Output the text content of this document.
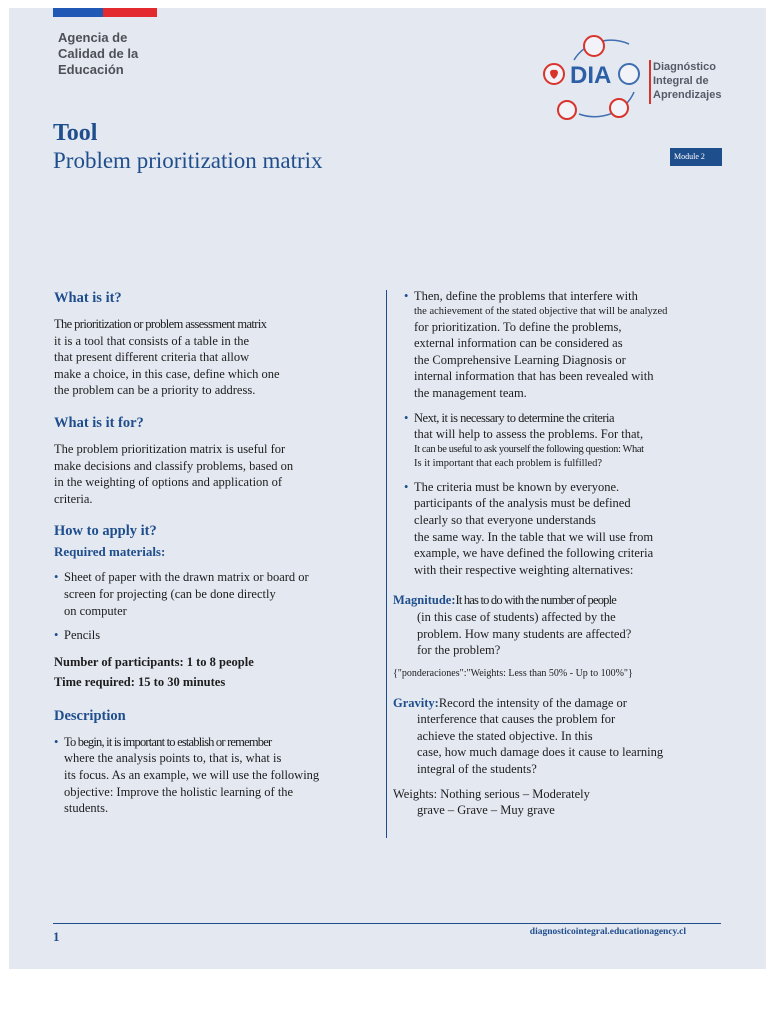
Agencia de
Calidad de la
Educación	DIA	Diagnóstico
Integral de
Aprendizajes
Tool
Problem prioritization matrix	Module 2
What is it?

The prioritization or problem assessment matrix

it is a tool that consists of a table in the

that present different criteria that allow

make a choice, in this case, define which one

the problem can be a priority to address.

What is it for?

The problem prioritization matrix is useful for

make decisions and classify problems, based on

in the weighting of options and application of

criteria.

How to apply it?
Required materials:

• Sheet of paper with the drawn matrix or board or

screen for projecting (can be done directly

on computer

• Pencils

Number of participants: 1 to 8 people

Time required: 15 to 30 minutes

Description

• To begin, it is important to establish or remember

where the analysis points to, that is, what is

its focus. As an example, we will use the following

objective: Improve the holistic learning of the

students.

• Then, define the problems that interfere with

the achievement of the stated objective that will be analyzed

for prioritization. To define the problems,

external information can be considered as

the Comprehensive Learning Diagnosis or

internal information that has been revealed with

the management team.

• Next, it is necessary to determine the criteria

that will help to assess the problems. For that,

It can be useful to ask yourself the following question: What

Is it important that each problem is fulfilled?

• The criteria must be known by everyone.

participants of the analysis must be defined

clearly so that everyone understands

the same way. In the table that we will use from

example, we have defined the following criteria

with their respective weighting alternatives:

Magnitude:It has to do with the number of people

(in this case of students) affected by the

problem. How many students are affected?

for the problem?

{"ponderaciones":"Weights: Less than 50% - Up to 100%"}

Gravity:Record the intensity of the damage or

interference that causes the problem for

achieve the stated objective. In this

case, how much damage does it cause to learning

integral of the students?

Weights: Nothing serious – Moderately

grave – Grave – Muy grave

1	diagnosticointegral.educationagency.cl
